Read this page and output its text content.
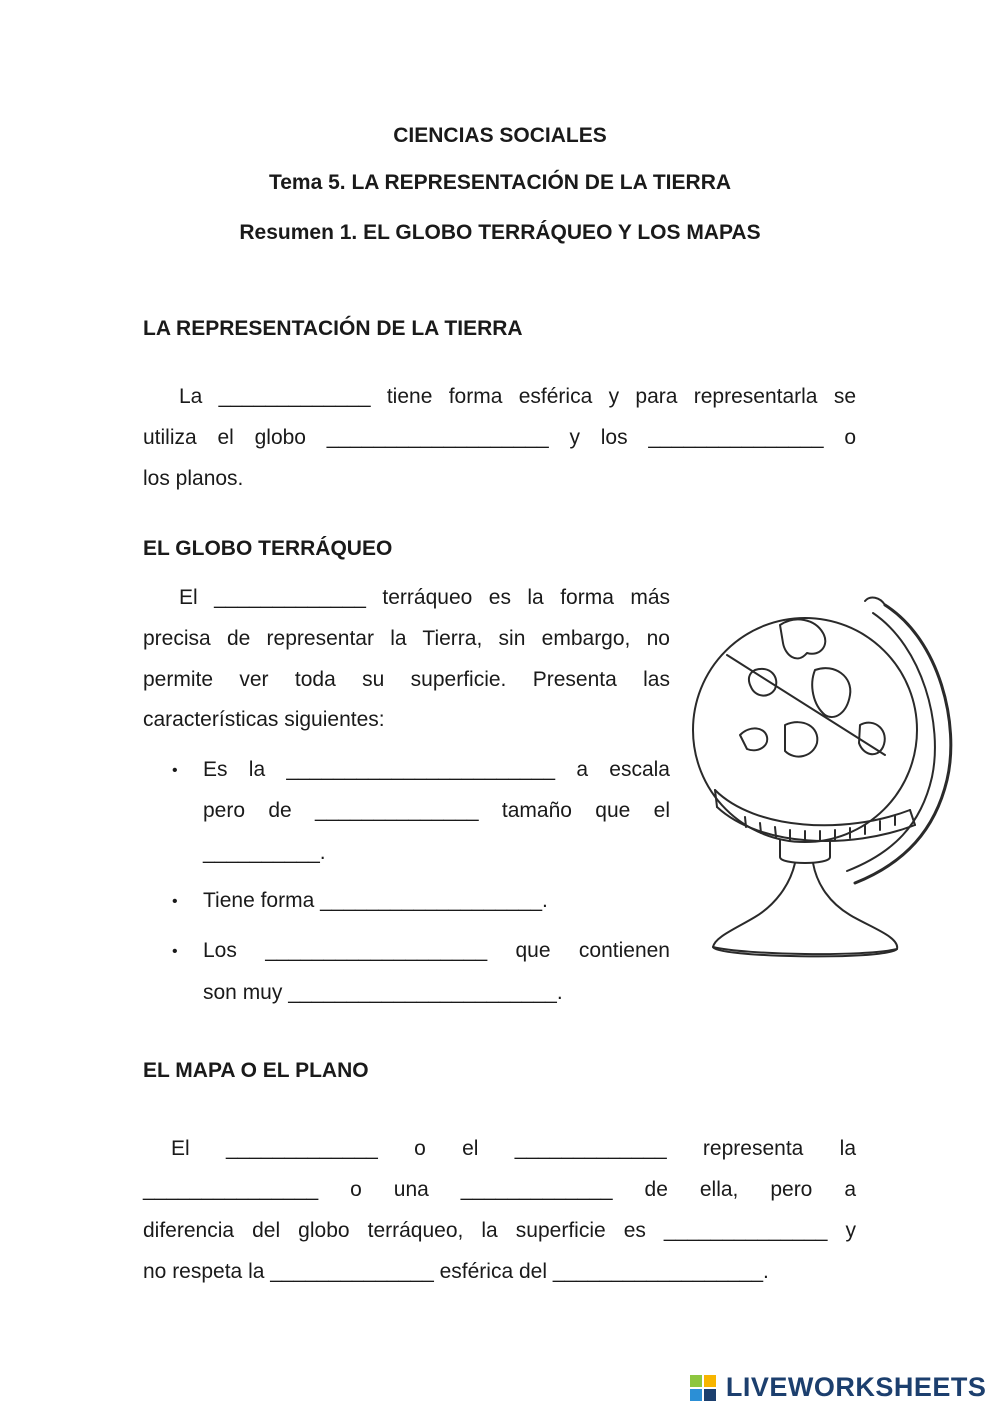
CIENCIAS SOCIALES
Tema 5. LA REPRESENTACIÓN DE LA TIERRA
Resumen 1. EL GLOBO TERRÁQUEO Y LOS MAPAS
LA REPRESENTACIÓN DE LA TIERRA
La _____________ tiene forma esférica y para representarla se
utiliza el globo ___________________ y los _______________ o
los planos.
EL GLOBO TERRÁQUEO
El _____________ terráqueo es la forma más
precisa de representar la Tierra, sin embargo, no
permite ver toda su superficie. Presenta las
características siguientes:
• Es la _______________________ a escala
pero de ______________ tamaño que el
__________.
• Tiene forma ___________________.
• Los ___________________ que contienen
son muy _______________________.
EL MAPA O EL PLANO
El _____________ o el _____________ representa la
_______________ o una _____________ de ella, pero a
diferencia del globo terráqueo, la superficie es ______________ y
no respeta la ______________ esférica del __________________.
LIVEWORKSHEETS
